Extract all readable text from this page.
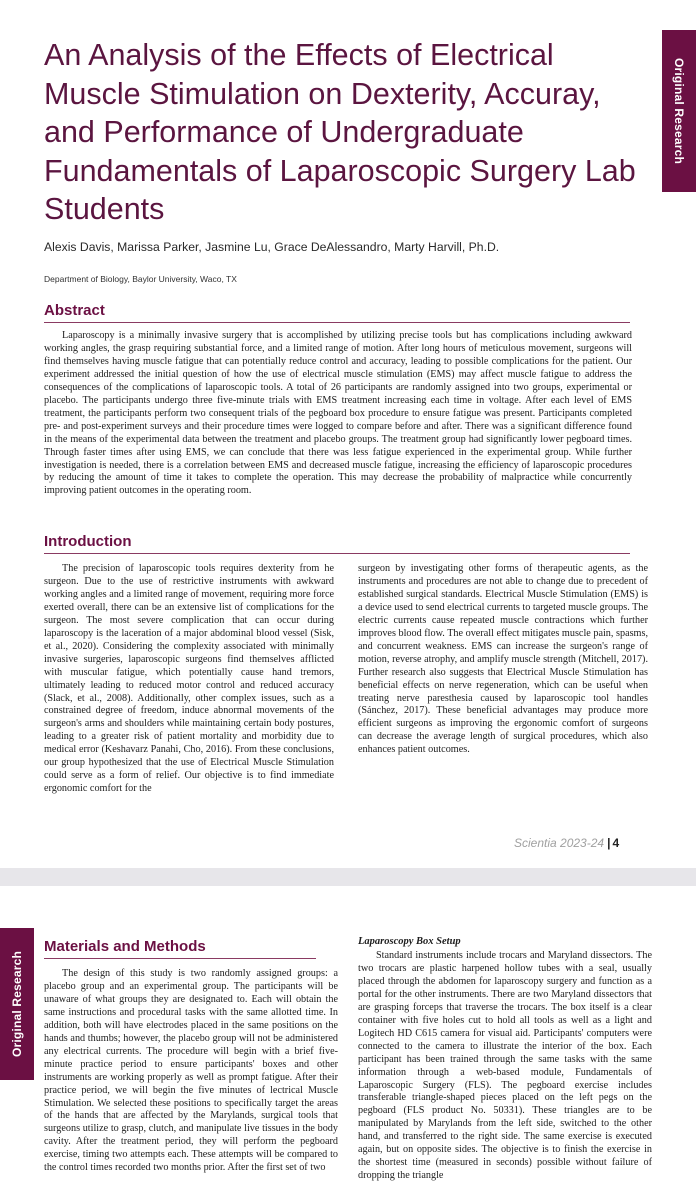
Original Research
An Analysis of the Effects of Electrical Muscle Stimulation on Dexterity, Accuray, and Performance of Undergraduate Fundamentals of Laparoscopic Surgery Lab Students
Alexis Davis, Marissa Parker, Jasmine Lu, Grace DeAlessandro, Marty Harvill, Ph.D.
Department of Biology, Baylor University, Waco, TX
Abstract

Laparoscopy is a minimally invasive surgery that is accomplished by utilizing precise tools but has complications including awkward working angles, the grasp requiring substantial force, and a limited range of motion. After long hours of meticulous movement, surgeons will find themselves having muscle fatigue that can potentially reduce control and accuracy, leading to possible complications for the patient. Our experiment addressed the initial question of how the use of electrical muscle stimulation (EMS) may affect muscle fatigue to address the consequences of the complications of laparoscopic tools. A total of 26 participants are randomly assigned into two groups, experimental or placebo. The participants undergo three five-minute trials with EMS treatment increasing each time in voltage. After each level of EMS treatment, the participants perform two consequent trials of the pegboard box procedure to ensure fatigue was present. Participants completed pre- and post-experiment surveys and their procedure times were logged to compare before and after. There was a significant difference found in the means of the experimental data between the treatment and placebo groups. The treatment group had significantly lower pegboard times. Through faster times after using EMS, we can conclude that there was less fatigue experienced in the experimental group. While further investigation is needed, there is a correlation between EMS and decreased muscle fatigue, increasing the efficiency of laparoscopic procedures by reducing the amount of time it takes to complete the operation. This may decrease the probability of malpractice while concurrently improving patient outcomes in the operating room.

Introduction

The precision of laparoscopic tools requires dexterity from he surgeon. Due to the use of restrictive instruments with awkward working angles and a limited range of movement, requiring more force exerted overall, there can be an extensive list of complications for the surgeon. The most severe complication that can occur during laparoscopy is the laceration of a major abdominal blood vessel (Sisk, et al., 2020). Considering the complexity associated with minimally invasive surgeries, laparoscopic surgeons find themselves afflicted with muscular fatigue, which potentially cause hand tremors, ultimately leading to reduced motor control and reduced accuracy (Slack, et al., 2008). Additionally, other complex issues, such as a constrained degree of freedom, induce abnormal movements of the surgeon's arms and shoulders while maintaining certain body postures, leading to a greater risk of patient mortality and morbidity due to medical error (Keshavarz Panahi, Cho, 2016). From these conclusions, our group hypothesized that the use of Electrical Muscle Stimulation could serve as a form of relief. Our objective is to find immediate ergonomic comfort for the

surgeon by investigating other forms of therapeutic agents, as the instruments and procedures are not able to change due to precedent of established surgical standards. Electrical Muscle Stimulation (EMS) is a device used to send electrical currents to targeted muscle groups. The electric currents cause repeated muscle contractions which further improves blood flow. The overall effect mitigates muscle pain, spasms, and concurrent weakness. EMS can increase the surgeon's range of motion, reverse atrophy, and amplify muscle strength (Mitchell, 2017). Further research also suggests that Electrical Muscle Stimulation has beneficial effects on nerve regeneration, which can be useful when treating nerve paresthesia caused by laparoscopic tool handles (Sánchez, 2017). These beneficial advantages may produce more efficient surgeons as improving the ergonomic comfort of surgeons can decrease the average length of surgical procedures, which also enhances patient outcomes.

Scientia 2023-24 | 4
Original Research
Materials and Methods

The design of this study is two randomly assigned groups: a placebo group and an experimental group. The participants will be unaware of what groups they are designated to. Each will obtain the same instructions and procedural tasks with the same allotted time. In addition, both will have electrodes placed in the same positions on the hands and thumbs; however, the placebo group will not be administered any electrical currents. The procedure will begin with a brief five-minute practice period to ensure participants' boxes and other instruments are working properly as well as prompt fatigue. After their practice period, we will begin the five minutes of lectrical Muscle Stimulation. We selected these positions to specifically target the areas of the hands that are affected by the Marylands, surgical tools that surgeons utilize to grasp, clutch, and manipulate live tissues in the body cavity. After the treatment period, they will perform the pegboard exercise, timing two attempts each. These attempts will be compared to the control times recorded two months prior. After the first set of two

Laparoscopy Box Setup

Standard instruments include trocars and Maryland dissectors. The two trocars are plastic harpened hollow tubes with a seal, usually placed through the abdomen for laparoscopy surgery and function as a portal for the other instruments. There are two Maryland dissectors that are grasping forceps that traverse the trocars. The box itself is a clear container with five holes cut to hold all tools as well as a light and Logitech HD C615 camera for visual aid. Participants' computers were connected to the camera to illustrate the interior of the box. Each participant has been trained through the same tasks with the same information through a web-based module, Fundamentals of Laparoscopic Surgery (FLS). The pegboard exercise includes transferable triangle-shaped pieces placed on the left pegs on the pegboard (FLS product No. 50331). These triangles are to be manipulated by Marylands from the left side, switched to the other hand, and transferred to the right side. The same exercise is executed again, but on opposite sides. The objective is to finish the exercise in the shortest time (measured in seconds) possible without failure of dropping the triangle
